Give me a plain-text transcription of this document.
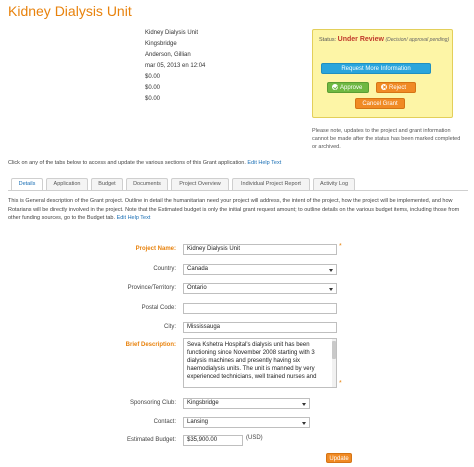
Kidney Dialysis Unit
Kidney Dialysis Unit
Kingsbridge
Anderson, Gillian
mar 05, 2013 en 12:04
$0.00
$0.00
$0.00
Status: Under Review (Decision/ approval pending)
Request More Information
Approve	Reject
Cancel Grant
Please note, updates to the project and grant information cannot be made after the status has been marked completed or archived.
Click on any of the tabs below to access and update the various sections of this Grant application. Edit Help Text
Details	Application	Budget	Documents	Project Overview	Individual Project Report	Activity Log
This is General description of the Grant project. Outline in detail the humanitarian need your project will address, the intent of the project, how the project will be implemented, and how Rotarians will be directly involved in the project. Note that the Estimated budget is only the initial grant request amount; to outline details on the various budget items, including those from other funding sources, go to the Budget tab. Edit Help Text
Project Name:	Kidney Dialysis Unit	*
Country:	Canada
Province/Territory:	Ontario
Postal Code:
City:	Mississauga
Brief Description:	Seva Kshetra Hospital's dialysis unit has been functioning since November 2008 starting with 3 dialysis machines and presently having six haemodialysis units. The unit is manned by very experienced technicians, well trained nurses and
*
Sponsoring Club:	Kingsbridge
Contact:	Lansing
Estimated Budget:	$35,900.00	(USD)
Update
